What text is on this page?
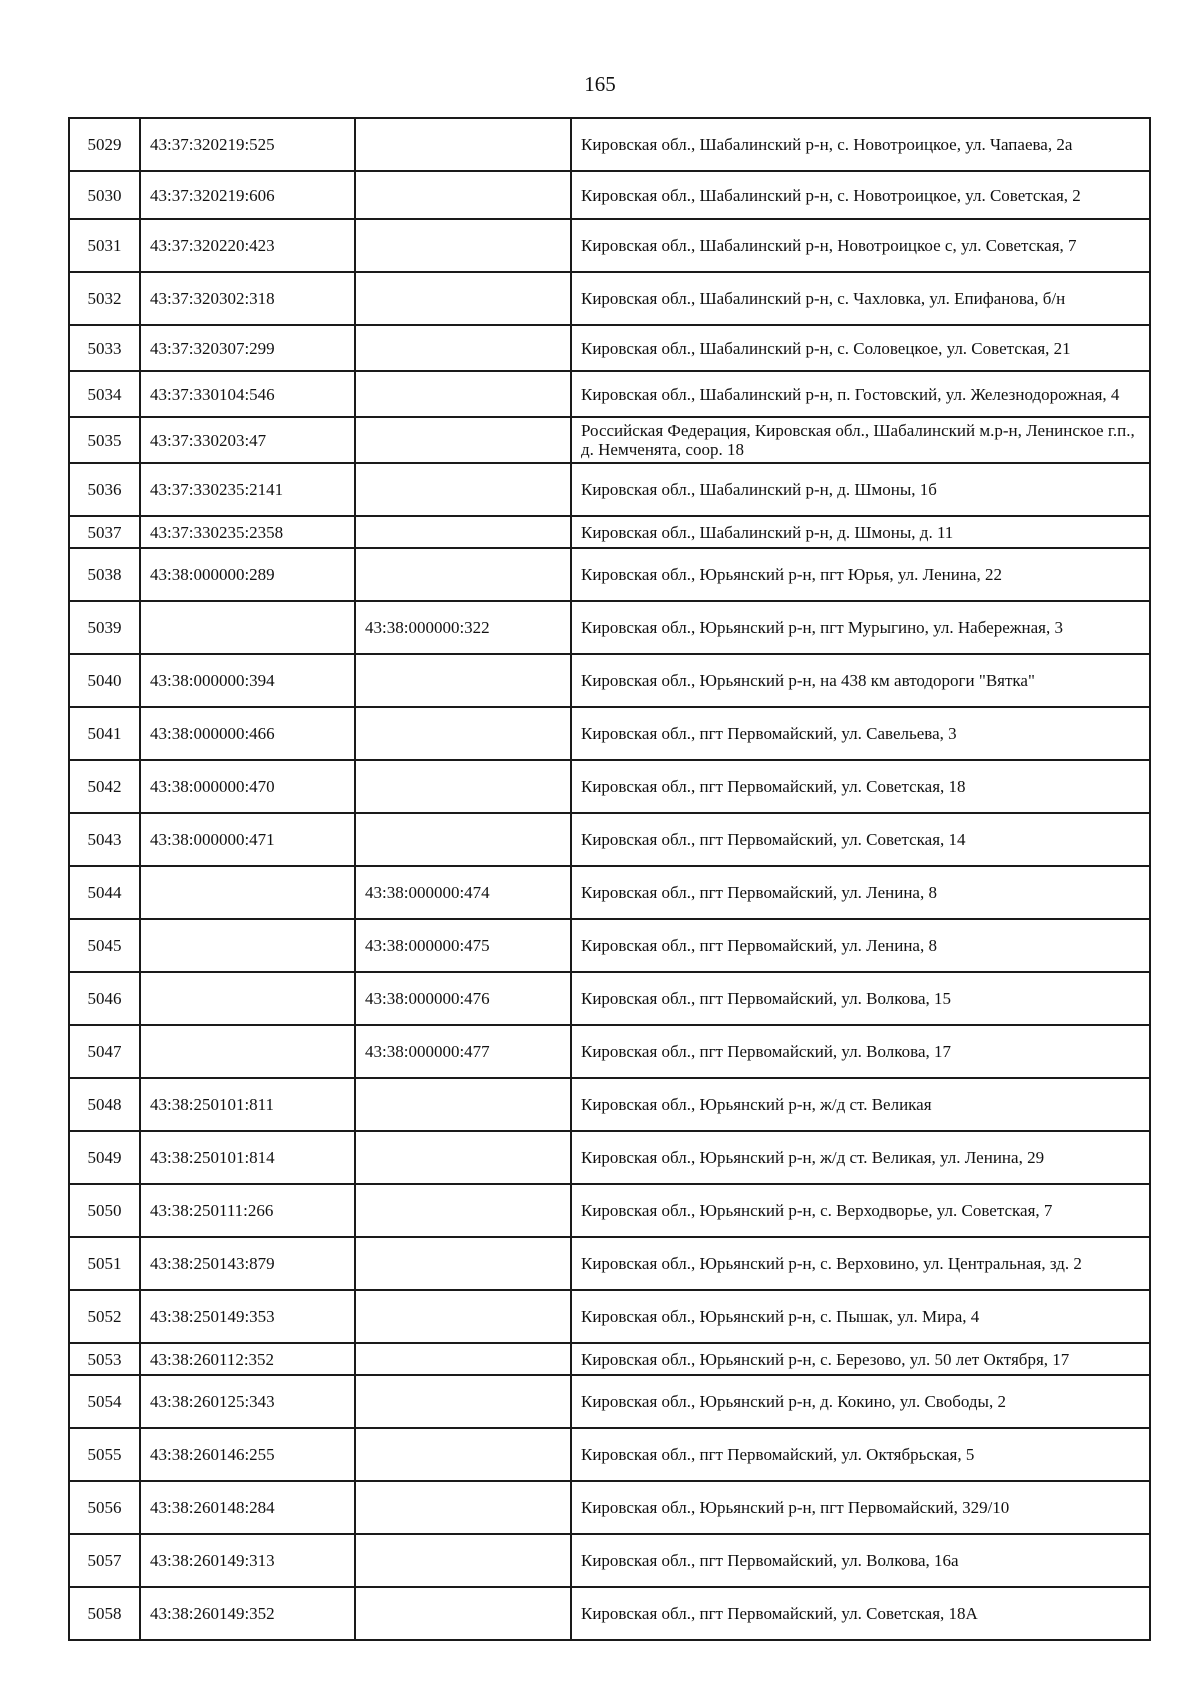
165
5029	43:37:320219:525		Кировская обл., Шабалинский р-н, с. Новотроицкое, ул. Чапаева, 2а
5030	43:37:320219:606		Кировская обл., Шабалинский р-н, с. Новотроицкое, ул. Советская, 2
5031	43:37:320220:423		Кировская обл., Шабалинский р-н, Новотроицкое с, ул. Советская, 7
5032	43:37:320302:318		Кировская обл., Шабалинский р-н, с. Чахловка, ул. Епифанова, б/н
5033	43:37:320307:299		Кировская обл., Шабалинский р-н, с. Соловецкое, ул. Советская, 21
5034	43:37:330104:546		Кировская обл., Шабалинский р-н, п. Гостовский, ул. Железнодорожная, 4
5035	43:37:330203:47		Российская Федерация, Кировская обл., Шабалинский м.р-н, Ленинское г.п., д. Немченята, соор. 18
5036	43:37:330235:2141		Кировская обл., Шабалинский р-н, д. Шмоны, 1б
5037	43:37:330235:2358		Кировская обл., Шабалинский р-н, д. Шмоны, д. 11
5038	43:38:000000:289		Кировская обл., Юрьянский р-н, пгт Юрья, ул. Ленина, 22
5039		43:38:000000:322	Кировская обл., Юрьянский р-н, пгт Мурыгино, ул. Набережная, 3
5040	43:38:000000:394		Кировская обл., Юрьянский р-н, на 438 км автодороги "Вятка"
5041	43:38:000000:466		Кировская обл., пгт Первомайский, ул. Савельева, 3
5042	43:38:000000:470		Кировская обл., пгт Первомайский, ул. Советская, 18
5043	43:38:000000:471		Кировская обл., пгт Первомайский, ул. Советская, 14
5044		43:38:000000:474	Кировская обл., пгт Первомайский, ул. Ленина, 8
5045		43:38:000000:475	Кировская обл., пгт Первомайский, ул. Ленина, 8
5046		43:38:000000:476	Кировская обл., пгт Первомайский, ул. Волкова, 15
5047		43:38:000000:477	Кировская обл., пгт Первомайский, ул. Волкова, 17
5048	43:38:250101:811		Кировская обл., Юрьянский р-н, ж/д ст. Великая
5049	43:38:250101:814		Кировская обл., Юрьянский р-н, ж/д ст. Великая, ул. Ленина, 29
5050	43:38:250111:266		Кировская обл., Юрьянский р-н, с. Верходворье, ул. Советская, 7
5051	43:38:250143:879		Кировская обл., Юрьянский р-н, с. Верховино, ул. Центральная, зд. 2
5052	43:38:250149:353		Кировская обл., Юрьянский р-н, с. Пышак, ул. Мира, 4
5053	43:38:260112:352		Кировская обл., Юрьянский р-н, с. Березово, ул. 50 лет Октября, 17
5054	43:38:260125:343		Кировская обл., Юрьянский р-н, д. Кокино, ул. Свободы, 2
5055	43:38:260146:255		Кировская обл., пгт Первомайский, ул. Октябрьская, 5
5056	43:38:260148:284		Кировская обл., Юрьянский р-н, пгт Первомайский, 329/10
5057	43:38:260149:313		Кировская обл., пгт Первомайский, ул. Волкова, 16а
5058	43:38:260149:352		Кировская обл., пгт Первомайский, ул. Советская, 18А
